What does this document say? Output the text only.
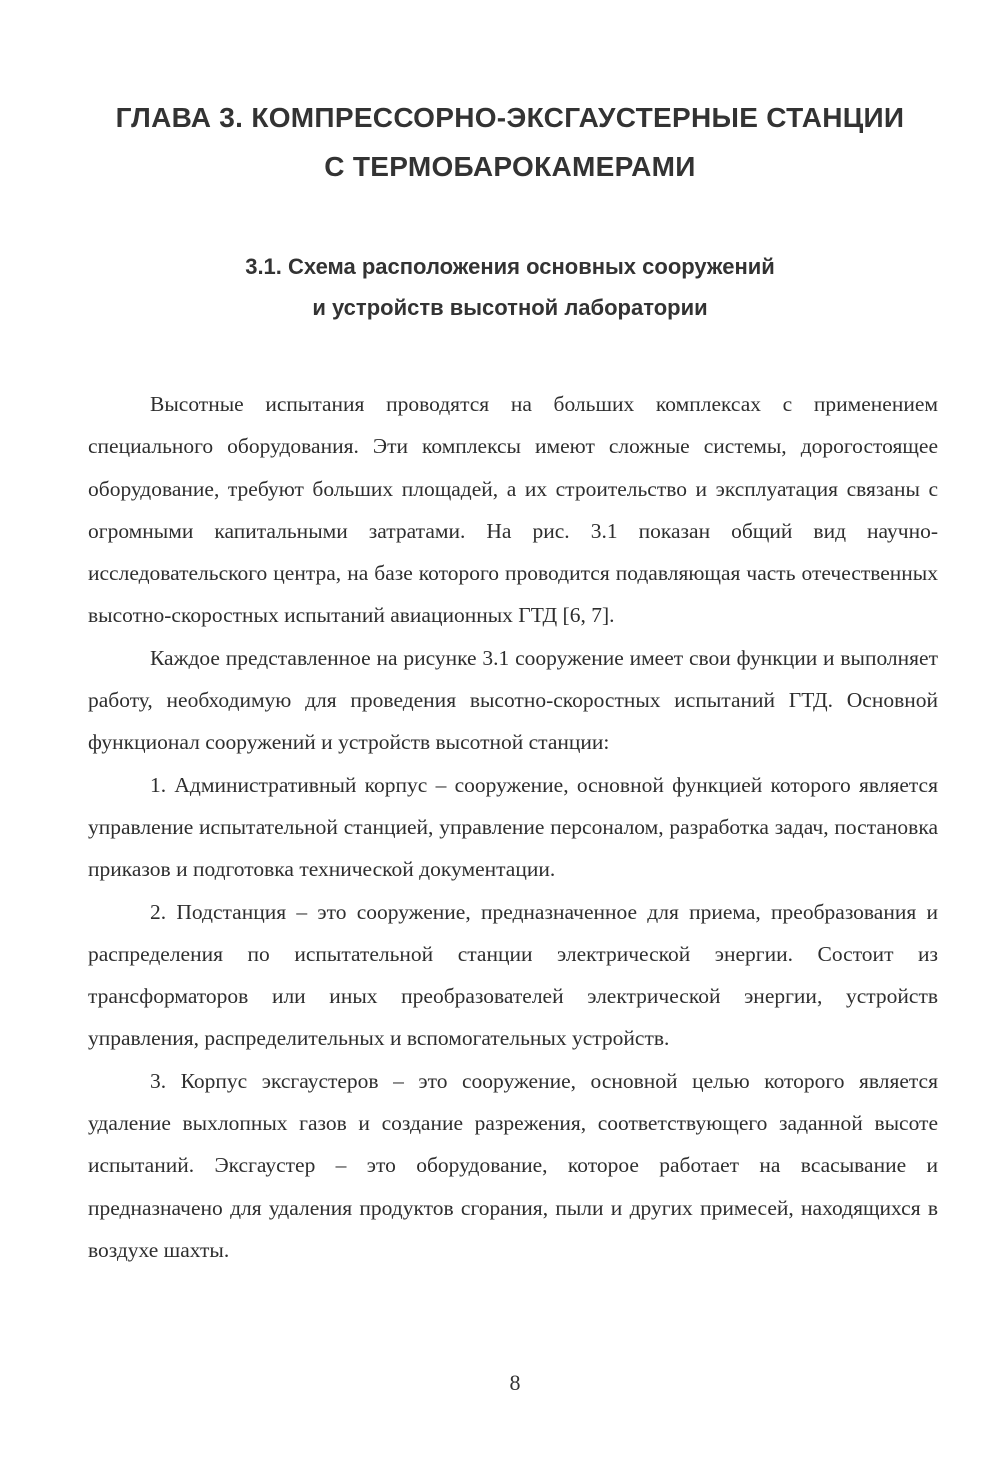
ГЛАВА 3. КОМПРЕССОРНО-ЭКСГАУСТЕРНЫЕ СТАНЦИИ
С ТЕРМОБАРОКАМЕРАМИ
3.1. Схема расположения основных сооружений
и устройств высотной лаборатории

Высотные испытания проводятся на больших комплексах с применением специального оборудования. Эти комплексы имеют сложные системы, дорогостоящее оборудование, требуют больших площадей, а их строительство и эксплуатация связаны с огромными капитальными затратами. На рис. 3.1 показан общий вид научно-исследовательского центра, на базе которого проводится подавляющая часть отечественных высотно-скоростных испытаний авиационных ГТД [6, 7].

Каждое представленное на рисунке 3.1 сооружение имеет свои функции и выполняет работу, необходимую для проведения высотно-скоростных испытаний ГТД. Основной функционал сооружений и устройств высотной станции:

1. Административный корпус – сооружение, основной функцией которого является управление испытательной станцией, управление персоналом, разработка задач, постановка приказов и подготовка технической документации.

2. Подстанция – это сооружение, предназначенное для приема, преобразования и распределения по испытательной станции электрической энергии. Состоит из трансформаторов или иных преобразователей электрической энергии, устройств управления, распределительных и вспомогательных устройств.

3. Корпус эксгаустеров – это сооружение, основной целью которого является удаление выхлопных газов и создание разрежения, соответствующего заданной высоте испытаний. Эксгаустер – это оборудование, которое работает на всасывание и предназначено для удаления продуктов сгорания, пыли и других примесей, находящихся в воздухе шахты.

8
